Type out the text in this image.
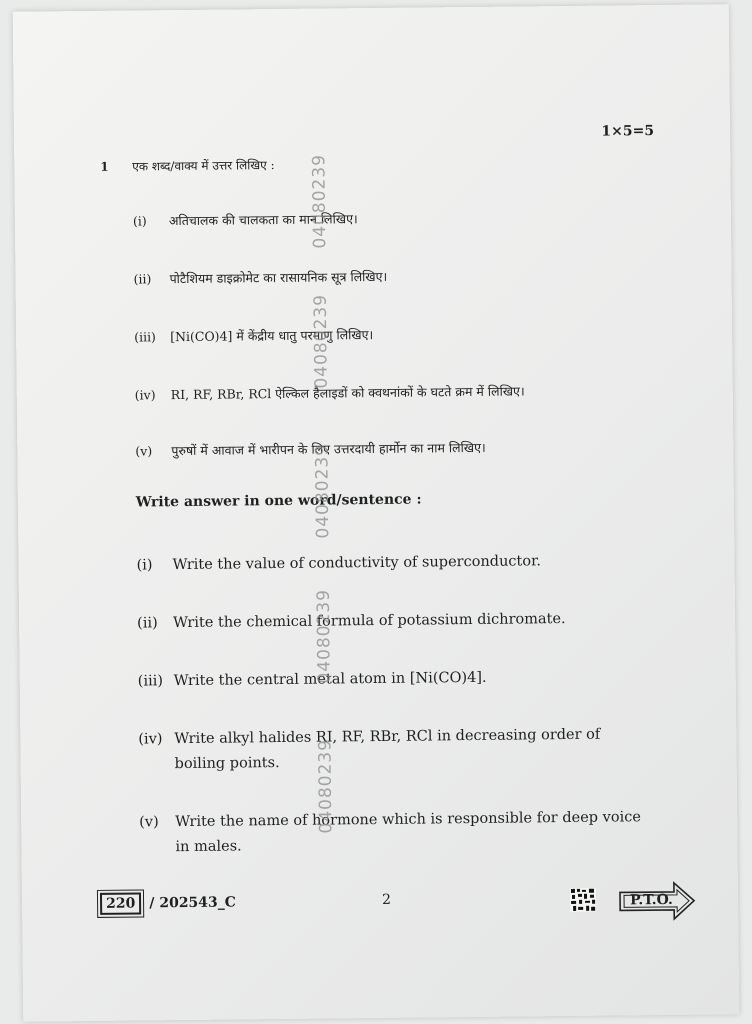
1×5=5
1 एक शब्द/वाक्य में उत्तर लिखिए :
(i) अतिचालक की चालकता का मान लिखिए।
(ii) पोटैशियम डाइक्रोमेट का रासायनिक सूत्र लिखिए।
(iii) [Ni(CO)4] में केंद्रीय धातु परमाणु लिखिए।
(iv) RI, RF, RBr, RCl ऐल्किल हैलाइडों को क्वथनांकों के घटते क्रम में लिखिए।
(v) पुरुषों में आवाज में भारीपन के लिए उत्तरदायी हार्मोन का नाम लिखिए।
Write answer in one word/sentence :
(i) Write the value of conductivity of superconductor.
(ii) Write the chemical formula of potassium dichromate.
(iii) Write the central metal atom in [Ni(CO)4].
(iv) Write alkyl halides RI, RF, RBr, RCl in decreasing order of boiling points.
(v) Write the name of hormone which is responsible for deep voice in males.
04080239
04080239
04080239
04080239
04080239
220 / 202543_C	2	P.T.O.
